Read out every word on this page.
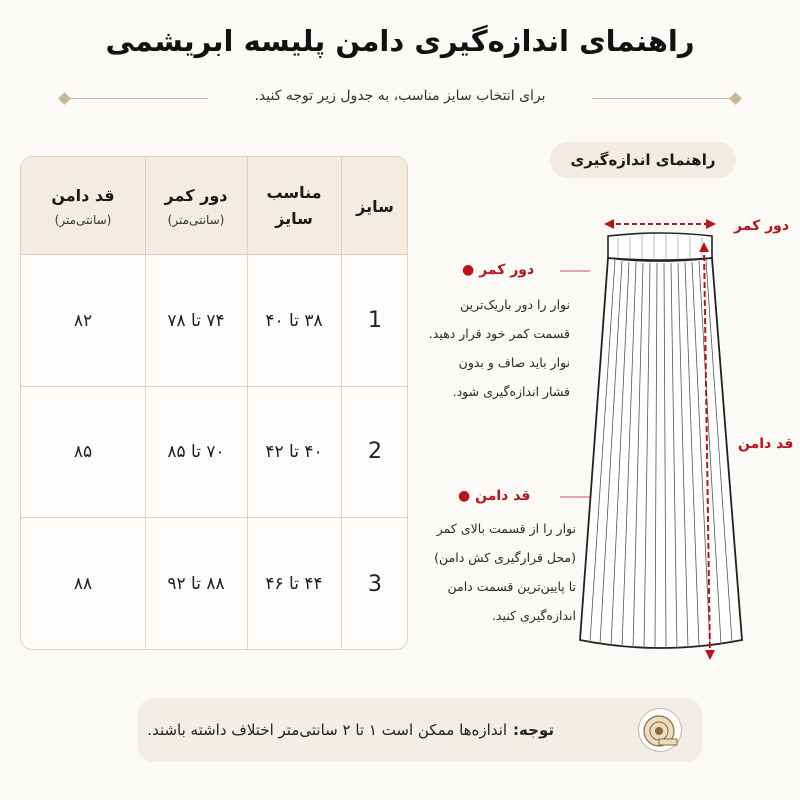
راهنمای اندازه‌گیری دامن پلیسه ابریشمی
برای انتخاب سایز مناسب، به جدول زیر توجه کنید.
سایز
مناسب سایز
دور کمر
(سانتی‌متر)
قد دامن
(سانتی‌متر)
1
۳۸ تا ۴۰
۷۴ تا ۷۸
۸۲
2
۴۰ تا ۴۲
۷۰ تا ۸۵
۸۵
3
۴۴ تا ۴۶
۸۸ تا ۹۲
۸۸
راهنمای اندازه‌گیری
دور کمر
قد دامن
دور کمر ●
نوار را دور باریک‌ترین
قسمت کمر خود قرار دهید.
نوار باید صاف و بدون
فشار اندازه‌گیری شود.
قد دامن ●
نوار را از قسمت بالای کمر
(محل قرارگیری کش دامن)
تا پایین‌ترین قسمت دامن
اندازه‌گیری کنید.
توجه:
اندازه‌ها ممکن است ۱ تا ۲ سانتی‌متر اختلاف داشته باشند.
